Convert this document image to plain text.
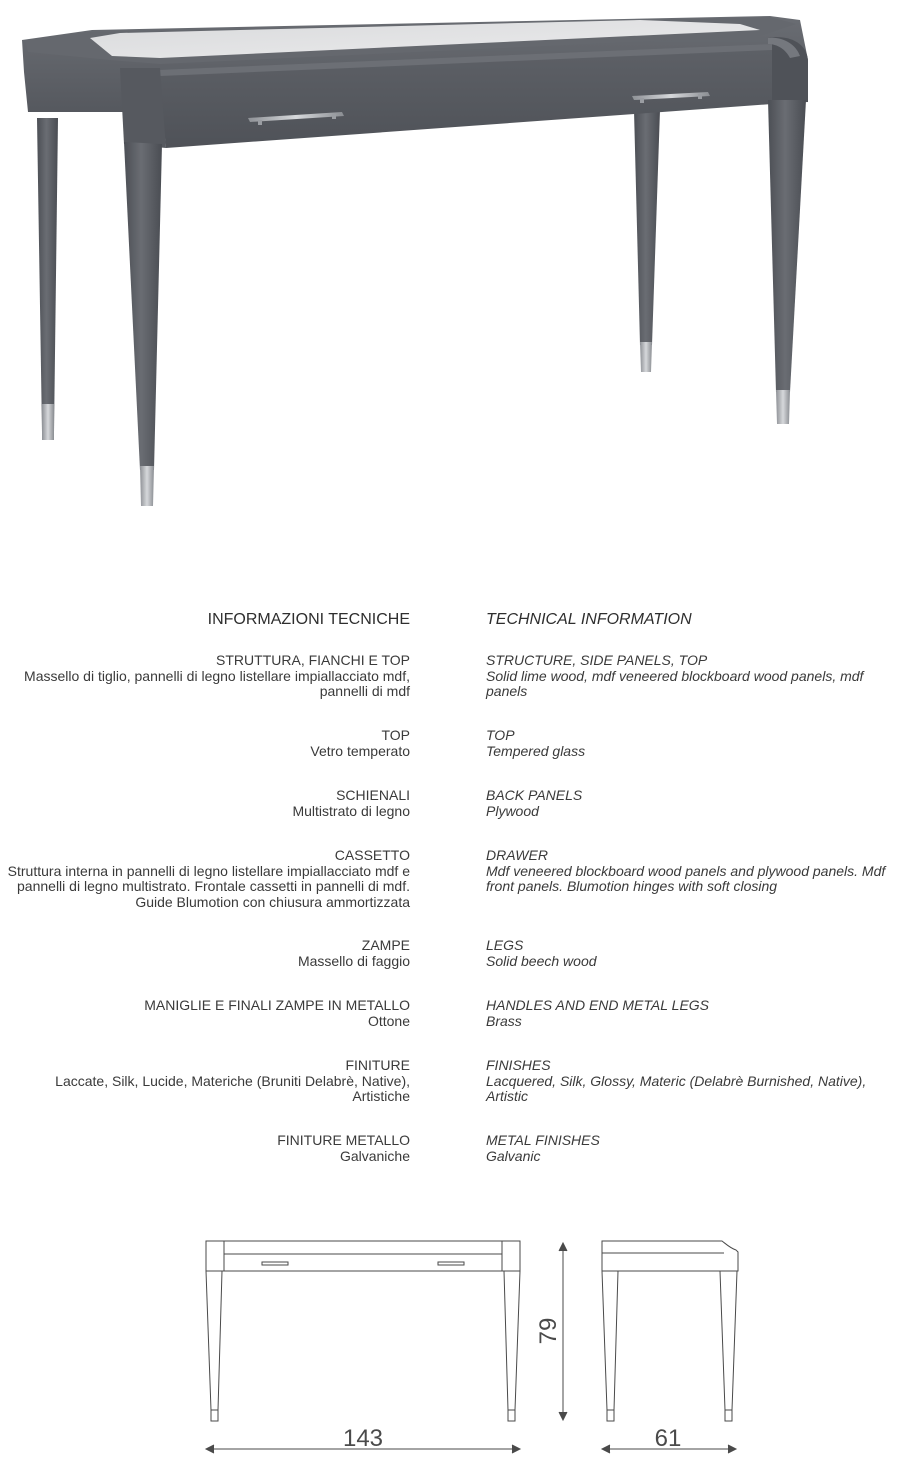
INFORMAZIONI TECNICHE	TECHNICAL INFORMATION
STRUTTURA, FIANCHI E TOP
Massello di tiglio, pannelli di legno listellare impiallacciato mdf, pannelli di mdf
STRUCTURE, SIDE PANELS, TOP
Solid lime wood, mdf veneered blockboard wood panels, mdf panels
TOP
Vetro temperato
TOP
Tempered glass
SCHIENALI
Multistrato di legno
BACK PANELS
Plywood
CASSETTO
Struttura interna in pannelli di legno listellare impiallacciato mdf e pannelli di legno multistrato. Frontale cassetti in pannelli di mdf. Guide Blumotion con chiusura ammortizzata
DRAWER
Mdf veneered blockboard wood panels and plywood panels. Mdf front panels. Blumotion hinges with soft closing
ZAMPE
Massello di faggio
LEGS
Solid beech wood
MANIGLIE E FINALI ZAMPE IN METALLO
Ottone
HANDLES AND END METAL LEGS
Brass
FINITURE
Laccate, Silk, Lucide, Materiche (Bruniti Delabrè, Native), Artistiche
FINISHES
Lacquered, Silk, Glossy, Materic (Delabrè Burnished, Native), Artistic
FINITURE METALLO
Galvaniche
METAL FINISHES
Galvanic
143	61
79
